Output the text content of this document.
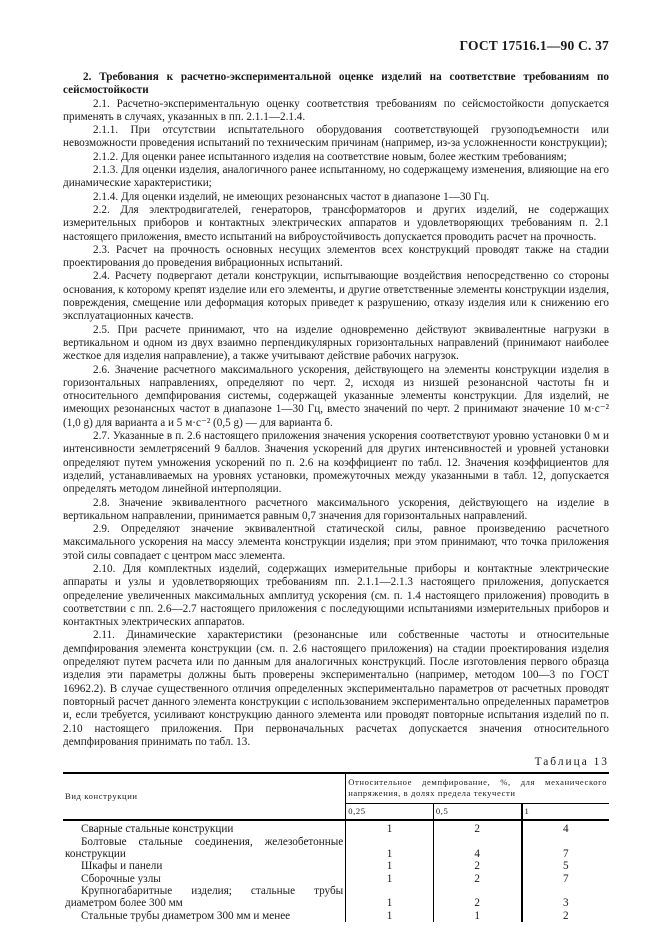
ГОСТ 17516.1—90 С. 37

2. Требования к расчетно-экспериментальной оценке изделий на соответствие требованиям по сейсмостойкости

2.1. Расчетно-экспериментальную оценку соответствия требованиям по сейсмостойкости допускается применять в случаях, указанных в пп. 2.1.1—2.1.4.

2.1.1. При отсутствии испытательного оборудования соответствующей грузоподъемности или невозможности проведения испытаний по техническим причинам (например, из-за усложненности конструкции);

2.1.2. Для оценки ранее испытанного изделия на соответствие новым, более жестким требованиям;

2.1.3. Для оценки изделия, аналогичного ранее испытанному, но содержащему изменения, влияющие на его динамические характеристики;

2.1.4. Для оценки изделий, не имеющих резонансных частот в диапазоне 1—30 Гц.

2.2. Для электродвигателей, генераторов, трансформаторов и других изделий, не содержащих измерительных приборов и контактных электрических аппаратов и удовлетворяющих требованиям п. 2.1 настоящего приложения, вместо испытаний на виброустойчивость допускается проводить расчет на прочность.

2.3. Расчет на прочность основных несущих элементов всех конструкций проводят также на стадии проектирования до проведения вибрационных испытаний.

2.4. Расчету подвергают детали конструкции, испытывающие воздействия непосредственно со стороны основания, к которому крепят изделие или его элементы, и другие ответственные элементы конструкции изделия, повреждения, смещение или деформация которых приведет к разрушению, отказу изделия или к снижению его эксплуатационных качеств.

2.5. При расчете принимают, что на изделие одновременно действуют эквивалентные нагрузки в вертикальном и одном из двух взаимно перпендикулярных горизонтальных направлений (принимают наиболее жесткое для изделия направление), а также учитывают действие рабочих нагрузок.

2.6. Значение расчетного максимального ускорения, действующего на элементы конструкции изделия в горизонтальных направлениях, определяют по черт. 2, исходя из низшей резонансной частоты fн и относительного демпфирования системы, содержащей указанные элементы конструкции. Для изделий, не имеющих резонансных частот в диапазоне 1—30 Гц, вместо значений по черт. 2 принимают значение 10 м·с⁻² (1,0 g) для варианта а и 5 м·с⁻² (0,5 g) — для варианта б.

2.7. Указанные в п. 2.6 настоящего приложения значения ускорения соответствуют уровню установки 0 м и интенсивности землетрясений 9 баллов. Значения ускорений для других интенсивностей и уровней установки определяют путем умножения ускорений по п. 2.6 на коэффициент по табл. 12. Значения коэффициентов для изделий, устанавливаемых на уровнях установки, промежуточных между указанными в табл. 12, допускается определять методом линейной интерполяции.

2.8. Значение эквивалентного расчетного максимального ускорения, действующего на изделие в вертикальном направлении, принимается равным 0,7 значения для горизонтальных направлений.

2.9. Определяют значение эквивалентной статической силы, равное произведению расчетного максимального ускорения на массу элемента конструкции изделия; при этом принимают, что точка приложения этой силы совпадает с центром масс элемента.

2.10. Для комплектных изделий, содержащих измерительные приборы и контактные электрические аппараты и узлы и удовлетворяющих требованиям пп. 2.1.1—2.1.3 настоящего приложения, допускается определение увеличенных максимальных амплитуд ускорения (см. п. 1.4 настоящего приложения) проводить в соответствии с пп. 2.6—2.7 настоящего приложения с последующими испытаниями измерительных приборов и контактных электрических аппаратов.

2.11. Динамические характеристики (резонансные или собственные частоты и относительные демпфирования элемента конструкции (см. п. 2.6 настоящего приложения) на стадии проектирования изделия определяют путем расчета или по данным для аналогичных конструкций. После изготовления первого образца изделия эти параметры должны быть проверены экспериментально (например, методом 100—3 по ГОСТ 16962.2). В случае существенного отличия определенных экспериментально параметров от расчетных проводят повторный расчет данного элемента конструкции с использованием экспериментально определенных параметров и, если требуется, усиливают конструкцию данного элемента или проводят повторные испытания изделий по п. 2.10 настоящего приложения. При первоначальных расчетах допускается значения относительного демпфирования принимать по табл. 13.

Таблица 13
Вид конструкции	Относительное демпфирование, %, для механического напряжения, в долях предела текучести		
	0,25	0,5	1

Сварные стальные конструкции	1	2	4

Болтовые стальные соединения, железобетонные конструкции	1	4	7

Шкафы и панели	1	2	5

Сборочные узлы	1	2	7

Крупногабаритные изделия; стальные трубы диаметром более 300 мм	1	2	3

Стальные трубы диаметром 300 мм и менее	1	1	2
